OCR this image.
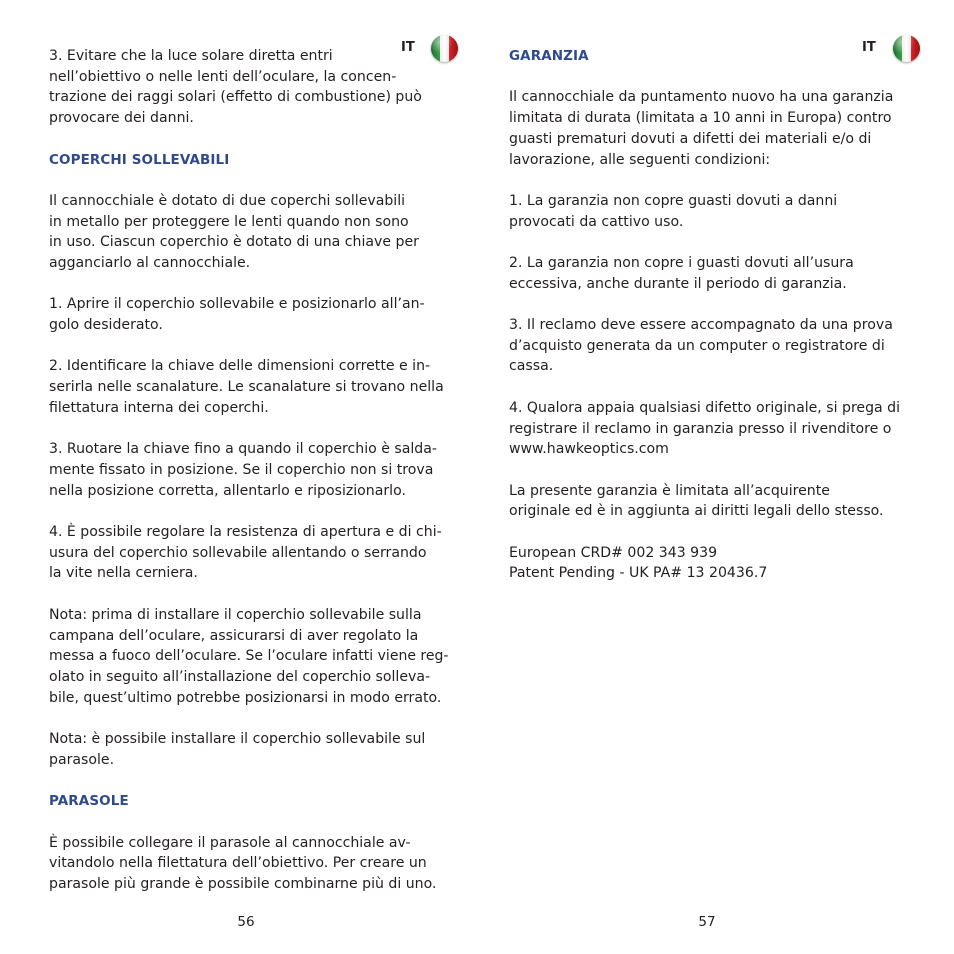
IT

3. Evitare che la luce solare diretta entri
nell’obiettivo o nelle lenti dell’oculare, la concen-
trazione dei raggi solari (effetto di combustione) può
provocare dei danni.

COPERCHI SOLLEVABILI

Il cannocchiale è dotato di due coperchi sollevabili
in metallo per proteggere le lenti quando non sono
in uso. Ciascun coperchio è dotato di una chiave per
agganciarlo al cannocchiale.

1. Aprire il coperchio sollevabile e posizionarlo all’an-
golo desiderato.

2. Identificare la chiave delle dimensioni corrette e in-
serirla nelle scanalature. Le scanalature si trovano nella
filettatura interna dei coperchi.

3. Ruotare la chiave fino a quando il coperchio è salda-
mente fissato in posizione. Se il coperchio non si trova
nella posizione corretta, allentarlo e riposizionarlo.

4. È possibile regolare la resistenza di apertura e di chi-
usura del coperchio sollevabile allentando o serrando
la vite nella cerniera.

Nota: prima di installare il coperchio sollevabile sulla
campana dell’oculare, assicurarsi di aver regolato la
messa a fuoco dell’oculare. Se l’oculare infatti viene reg-
olato in seguito all’installazione del coperchio solleva-
bile, quest’ultimo potrebbe posizionarsi in modo errato.

Nota: è possibile installare il coperchio sollevabile sul
parasole.

PARASOLE

È possibile collegare il parasole al cannocchiale av-
vitandolo nella filettatura dell’obiettivo. Per creare un
parasole più grande è possibile combinarne più di uno.

56
IT
GARANZIA

Il cannocchiale da puntamento nuovo ha una garanzia
limitata di durata (limitata a 10 anni in Europa) contro
guasti prematuri dovuti a difetti dei materiali e/o di
lavorazione, alle seguenti condizioni:

1. La garanzia non copre guasti dovuti a danni
provocati da cattivo uso.

2. La garanzia non copre i guasti dovuti all’usura
eccessiva, anche durante il periodo di garanzia.

3. Il reclamo deve essere accompagnato da una prova
d’acquisto generata da un computer o registratore di
cassa.

4. Qualora appaia qualsiasi difetto originale, si prega di
registrare il reclamo in garanzia presso il rivenditore o
www.hawkeoptics.com

La presente garanzia è limitata all’acquirente
originale ed è in aggiunta ai diritti legali dello stesso.

European CRD# 002 343 939
Patent Pending - UK PA# 13 20436.7

57
